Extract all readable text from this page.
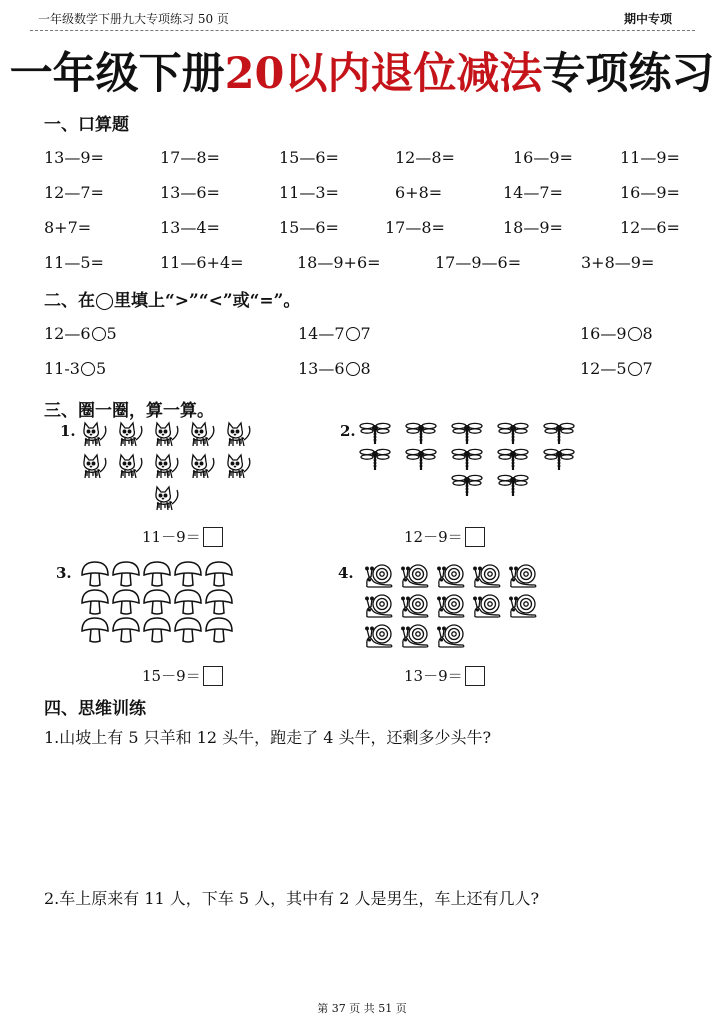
一年级数学下册九大专项练习 50 页	期中专项
一年级下册20以内退位减法专项练习
一、口算题
13—9=	17—8=	15—6=	12—8=	16—9=	11—9=
12—7=	13—6=	11—3=	6+8=	14—7=	16—9=
8+7=	13—4=	15—6=	17—8=	18—9=	12—6=
11—5=	11—6+4=	18—9+6=	17—9—6=	3+8—9=
二、在◯里填上“>”“<”或“=”。
12—6 5	14—7 7	16—9 8
11-3 5	13—6 8	12—5 7
三、圈一圈，算一算。
1.
11－9＝
2.
12－9＝
3.
15－9＝
4.
13－9＝
四、思维训练
1.山坡上有 5 只羊和 12 头牛，跑走了 4 头牛，还剩多少头牛?
2.车上原来有 11 人，下车 5 人，其中有 2 人是男生，车上还有几人?
第 37 页 共 51 页
